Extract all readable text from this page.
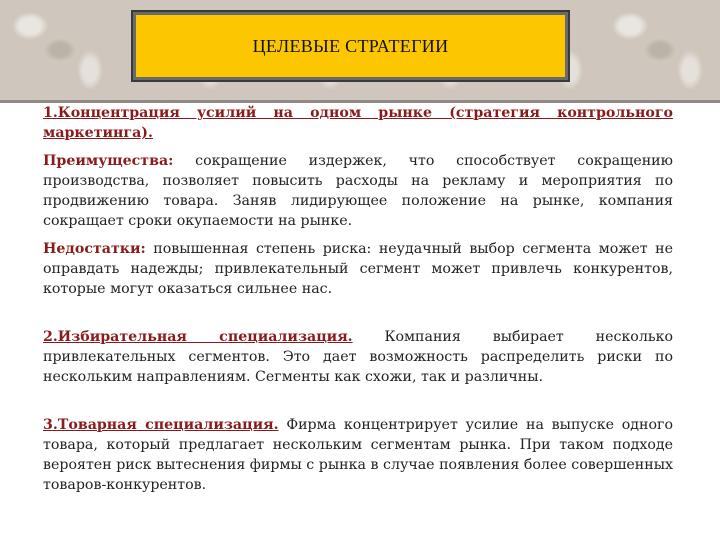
ЦЕЛЕВЫЕ СТРАТЕГИИ

1.Концентрация усилий на одном рынке (стратегия контрольного маркетинга).

Преимущества: сокращение издержек, что способствует сокращению производства, позволяет повысить расходы на рекламу и мероприятия по продвижению товара. Заняв лидирующее положение на рынке, компания сокращает сроки окупаемости на рынке.

Недостатки: повышенная степень риска: неудачный выбор сегмента может не оправдать надежды; привлекательный сегмент может привлечь конкурентов, которые могут оказаться сильнее нас.

2.Избирательная специализация. Компания выбирает несколько привлекательных сегментов. Это дает возможность распределить риски по нескольким направлениям. Сегменты как схожи, так и различны.

3.Товарная специализация. Фирма концентрирует усилие на выпуске одного товара, который предлагает нескольким сегментам рынка. При таком подходе вероятен риск вытеснения фирмы с рынка в случае появления более совершенных товаров-конкурентов.
